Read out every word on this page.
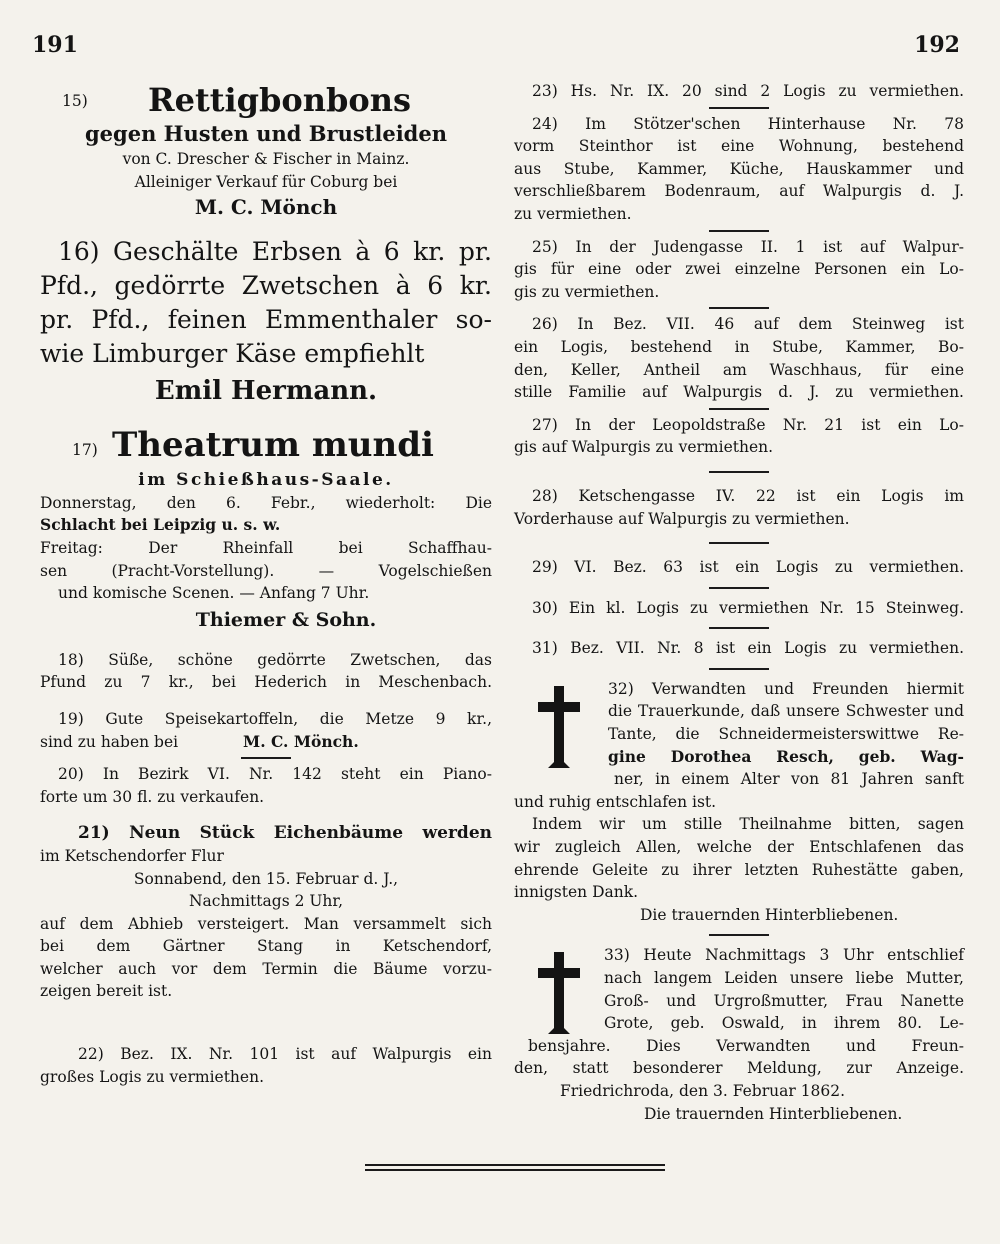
191	192
15) Rettigbonbons

gegen Husten und Brustleiden

von C. Drescher & Fischer in Mainz.

Alleiniger Verkauf für Coburg bei

M. C. Mönch

16) Geschälte Erbsen à 6 kr. pr.

Pfd., gedörrte Zwetschen à 6 kr.

pr. Pfd., feinen Emmenthaler so-

wie Limburger Käse empfiehlt

Emil Hermann.

17) Theatrum mundi

im Schießhaus-Saale.

Donnerstag, den 6. Febr., wiederholt: Die

Schlacht bei Leipzig u. s. w.

Freitag: Der Rheinfall bei Schaffhau-

sen (Pracht-Vorstellung). — Vogelschießen

und komische Scenen. — Anfang 7 Uhr.

Thiemer & Sohn.

18) Süße, schöne gedörrte Zwetschen, das

Pfund zu 7 kr., bei Hederich in Meschenbach.

19) Gute Speisekartoffeln, die Metze 9 kr.,

sind zu haben bei	M. C. Mönch.

20) In Bezirk VI. Nr. 142 steht ein Piano-

forte um 30 fl. zu verkaufen.

21) Neun Stück Eichenbäume werden

im Ketschendorfer Flur

Sonnabend, den 15. Februar d. J.,

Nachmittags 2 Uhr,

auf dem Abhieb versteigert. Man versammelt sich

bei dem Gärtner Stang in Ketschendorf,

welcher auch vor dem Termin die Bäume vorzu-

zeigen bereit ist.

22) Bez. IX. Nr. 101 ist auf Walpurgis ein

großes Logis zu vermiethen.

23) Hs. Nr. IX. 20 sind 2 Logis zu vermiethen.

24) Im Stötzer'schen Hinterhause Nr. 78

vorm Steinthor ist eine Wohnung, bestehend

aus Stube, Kammer, Küche, Hauskammer und

verschließbarem Bodenraum, auf Walpurgis d. J.

zu vermiethen.

25) In der Judengasse II. 1 ist auf Walpur-

gis für eine oder zwei einzelne Personen ein Lo-

gis zu vermiethen.

26) In Bez. VII. 46 auf dem Steinweg ist

ein Logis, bestehend in Stube, Kammer, Bo-

den, Keller, Antheil am Waschhaus, für eine

stille Familie auf Walpurgis d. J. zu vermiethen.

27) In der Leopoldstraße Nr. 21 ist ein Lo-

gis auf Walpurgis zu vermiethen.

28) Ketschengasse IV. 22 ist ein Logis im

Vorderhause auf Walpurgis zu vermiethen.

29) VI. Bez. 63 ist ein Logis zu vermiethen.

30) Ein kl. Logis zu vermiethen Nr. 15 Steinweg.

31) Bez. VII. Nr. 8 ist ein Logis zu vermiethen.

32) Verwandten und Freunden hiermit

die Trauerkunde, daß unsere Schwester und

Tante, die Schneidermeisterswittwe Re-

gine Dorothea Resch, geb. Wag-

ner, in einem Alter von 81 Jahren sanft

und ruhig entschlafen ist.

Indem wir um stille Theilnahme bitten, sagen

wir zugleich Allen, welche der Entschlafenen das

ehrende Geleite zu ihrer letzten Ruhestätte gaben,

innigsten Dank.

Die trauernden Hinterbliebenen.

33) Heute Nachmittags 3 Uhr entschlief

nach langem Leiden unsere liebe Mutter,

Groß- und Urgroßmutter, Frau Nanette

Grote, geb. Oswald, in ihrem 80. Le-

bensjahre. Dies Verwandten und Freun-

den, statt besonderer Meldung, zur Anzeige.

Friedrichroda, den 3. Februar 1862.

Die trauernden Hinterbliebenen.
